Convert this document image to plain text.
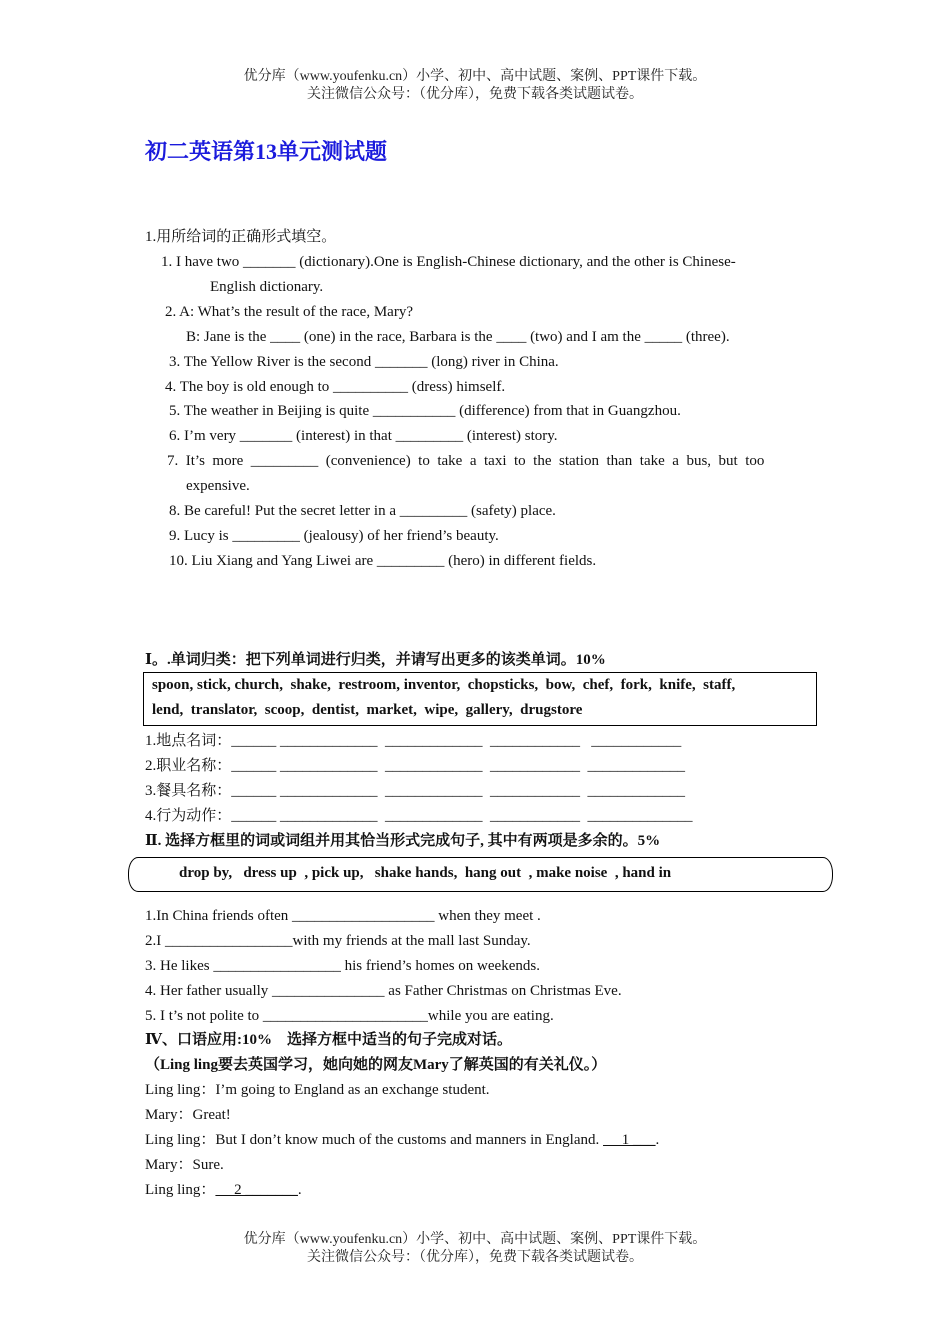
优分库（www.youfenku.cn）小学、初中、高中试题、案例、PPT课件下载。
关注微信公众号：（优分库），免费下载各类试题试卷。
初二英语第13单元测试题
1.用所给词的正确形式填空。
1. I have two _______ (dictionary).One is English-Chinese dictionary, and the other is Chinese-
English dictionary.
2. A: What’s the result of the race, Mary?
B: Jane is the ____ (one) in the race, Barbara is the ____ (two) and I am the _____ (three).
3. The Yellow River is the second _______ (long) river in China.
4. The boy is old enough to __________ (dress) himself.
5. The weather in Beijing is quite ___________ (difference) from that in Guangzhou.
6. I’m very _______ (interest) in that _________ (interest) story.
7.  It’s  more  _________  (convenience)  to  take  a  taxi  to  the  station  than  take  a  bus,  but  too
expensive.
8. Be careful! Put the secret letter in a _________ (safety) place.
9. Lucy is _________ (jealousy) of her friend’s beauty.
10. Liu Xiang and Yang Liwei are _________ (hero) in different fields.
Ⅰ。.单词归类：把下列单词进行归类，并请写出更多的该类单词。10%
spoon, stick, church,  shake,  restroom, inventor,  chopsticks,  bow,  chef,  fork,  knife,  staff,
lend,  translator,  scoop,  dentist,  market,  wipe,  gallery,  drugstore
1.地点名词：______ _____________  _____________  ____________   ____________
2.职业名称：______ _____________  _____________  ____________  _____________
3.餐具名称：______ _____________  _____________  ____________  _____________
4.行为动作：______ _____________  _____________  ____________  ______________
Ⅱ. 选择方框里的词或词组并用其恰当形式完成句子, 其中有两项是多余的。5%
drop by,   dress up  , pick up,   shake hands,  hang out  , make noise  , hand in
1.In China friends often ___________________ when they meet .
2.I _________________with my friends at the mall last Sunday.
3. He likes _________________ his friend’s homes on weekends.
4. Her father usually _______________ as Father Christmas on Christmas Eve.
5. I t’s not polite to ______________________while you are eating.
Ⅳ、口语应用:10%    选择方框中适当的句子完成对话。
（Ling ling要去英国学习，她向她的网友Mary了解英国的有关礼仪。）
Ling ling：I’m going to England as an exchange student.
Mary：Great!
Ling ling：But I don’t know much of the customs and manners in England.      1 ___.
Mary：Sure.
Ling ling：     2 _______.
优分库（www.youfenku.cn）小学、初中、高中试题、案例、PPT课件下载。
关注微信公众号：（优分库），免费下载各类试题试卷。
